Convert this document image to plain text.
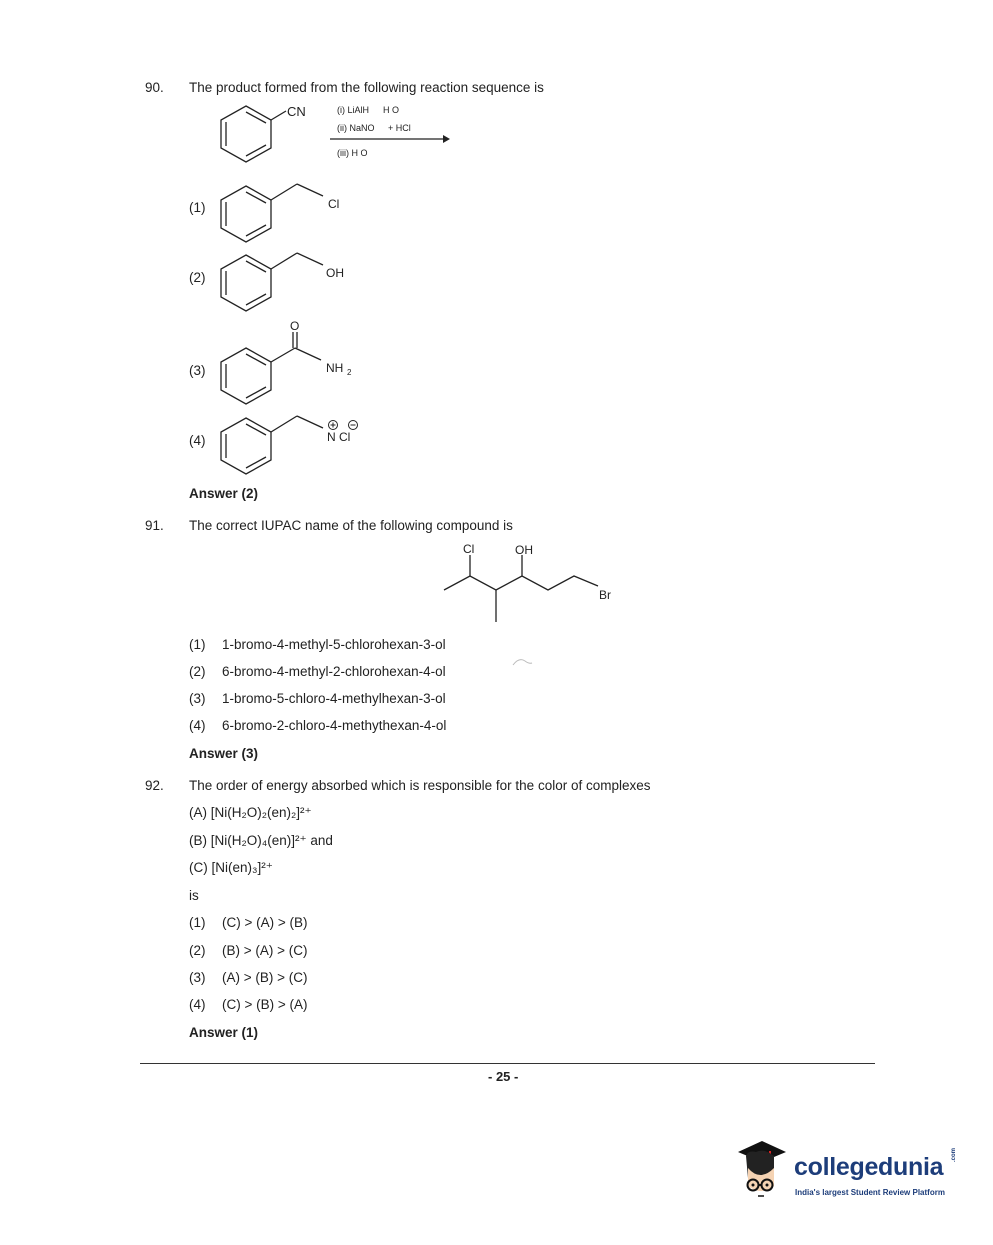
90. The product formed from the following reaction sequence is
CN	(i) LiAlH H O
(ii) NaNO + HCl
(iii) H O
(1)	Cl
(2)	OH
(3)
O
NH 2
(4)	N Cl
Answer (2)
91. The correct IUPAC name of the following compound is
Cl	OH
Br
(1) 1-bromo-4-methyl-5-chlorohexan-3-ol
(2) 6-bromo-4-methyl-2-chlorohexan-4-ol
(3) 1-bromo-5-chloro-4-methylhexan-3-ol
(4) 6-bromo-2-chloro-4-methythexan-4-ol
Answer (3)
92. The order of energy absorbed which is responsible for the color of complexes
(A) [Ni(H₂O)₂(en)₂]²⁺
(B) [Ni(H₂O)₄(en)]²⁺ and
(C) [Ni(en)₃]²⁺
is
(1) (C) > (A) > (B)
(2) (B) > (A) > (C)
(3) (A) > (B) > (C)
(4) (C) > (B) > (A)
Answer (1)
- 25 -
collegedunia .com
India's largest Student Review Platform
